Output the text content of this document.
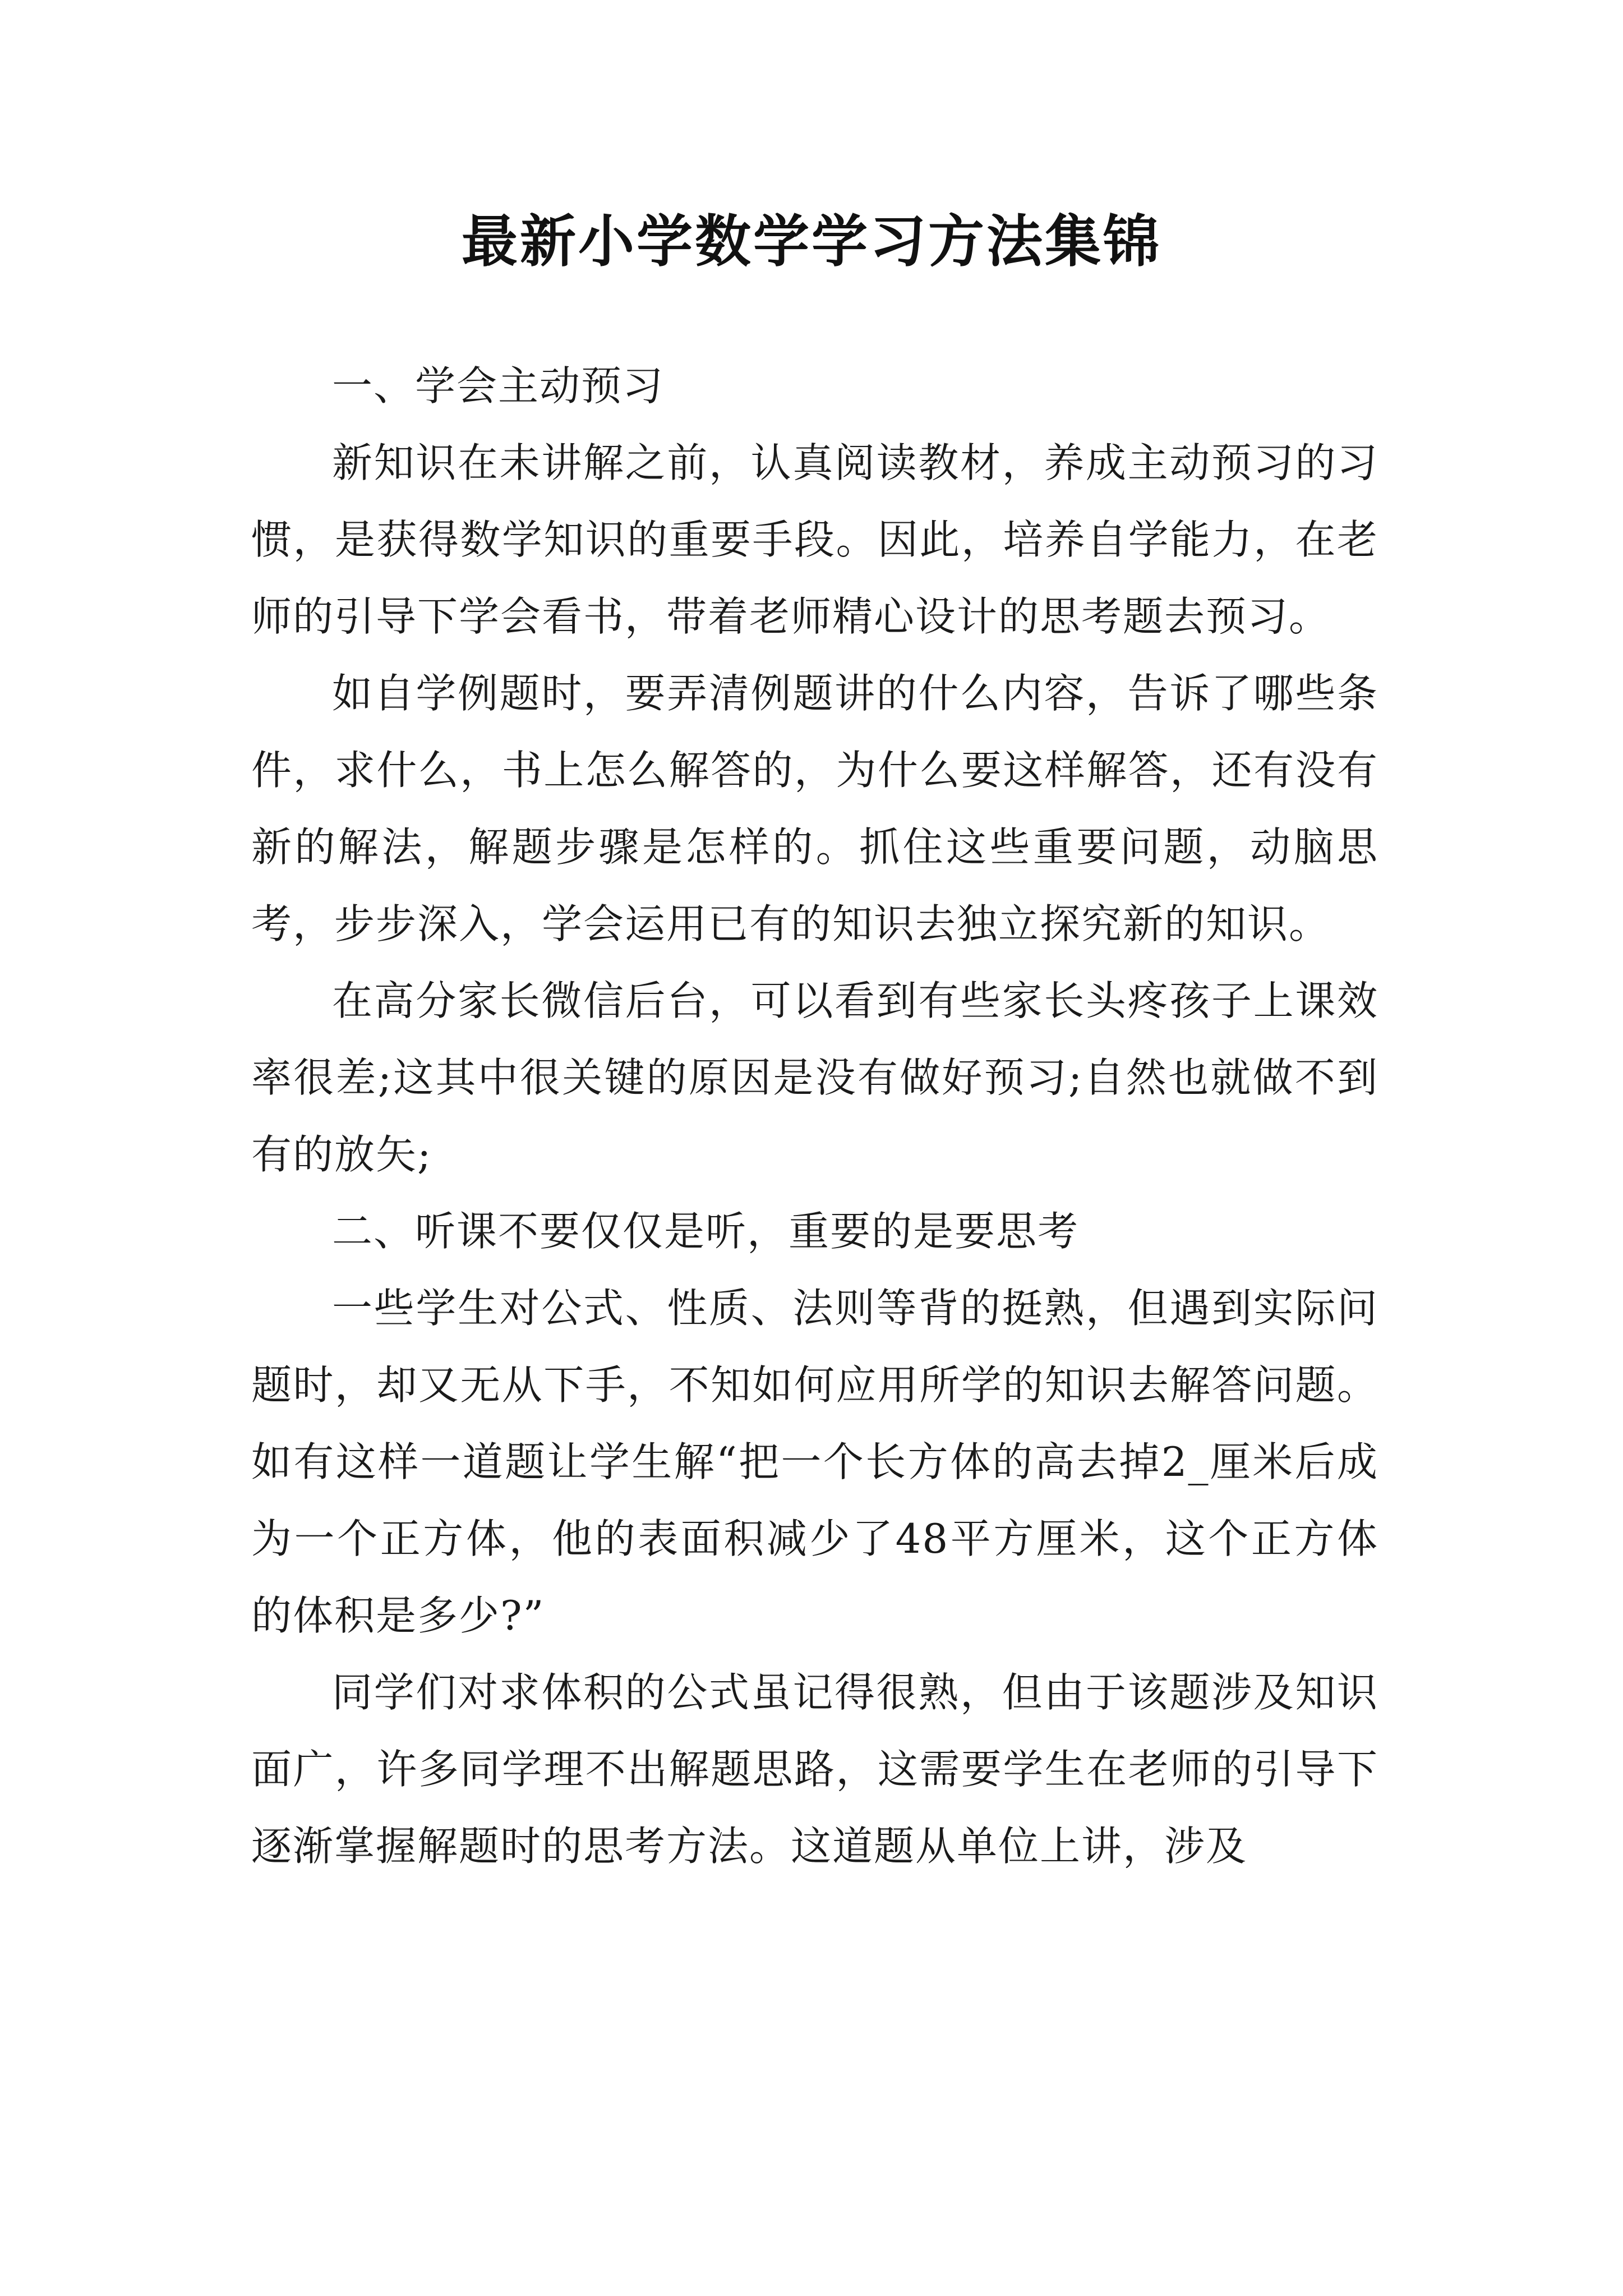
最新小学数学学习方法集锦

一、学会主动预习

新知识在未讲解之前，认真阅读教材，养成主动预习的习惯，是获得数学知识的重要手段。因此，培养自学能力，在老师的引导下学会看书，带着老师精心设计的思考题去预习。

如自学例题时，要弄清例题讲的什么内容，告诉了哪些条件，求什么，书上怎么解答的，为什么要这样解答，还有没有新的解法，解题步骤是怎样的。抓住这些重要问题，动脑思考，步步深入，学会运用已有的知识去独立探究新的知识。

在高分家长微信后台，可以看到有些家长头疼孩子上课效率很差;这其中很关键的原因是没有做好预习;自然也就做不到有的放矢;

二、听课不要仅仅是听，重要的是要思考

一些学生对公式、性质、法则等背的挺熟，但遇到实际问题时，却又无从下手，不知如何应用所学的知识去解答问题。如有这样一道题让学生解“把一个长方体的高去掉2_厘米后成为一个正方体，他的表面积减少了48平方厘米，这个正方体的体积是多少?”

同学们对求体积的公式虽记得很熟，但由于该题涉及知识面广，许多同学理不出解题思路，这需要学生在老师的引导下逐渐掌握解题时的思考方法。这道题从单位上讲，涉及
